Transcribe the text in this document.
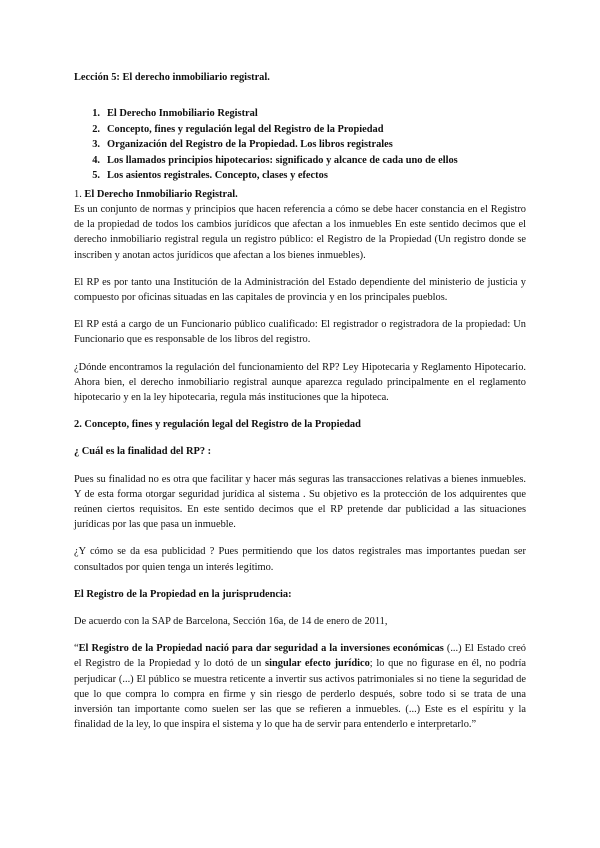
Lección 5: El derecho inmobiliario registral.
1. El Derecho Inmobiliario Registral
2. Concepto, fines y regulación legal del Registro de la Propiedad
3. Organización del Registro de la Propiedad. Los libros registrales
4. Los llamados principios hipotecarios: significado y alcance de cada uno de ellos
5. Los asientos registrales. Concepto, clases y efectos
1. El Derecho Inmobiliario Registral.

Es un conjunto de normas y principios que hacen referencia a cómo se debe hacer constancia en el Registro de la propiedad de todos los cambios jurídicos que afectan a los inmuebles En este sentido decimos que el derecho inmobiliario registral regula un registro público: el Registro de la Propiedad (Un registro donde se inscriben y anotan actos jurídicos que afectan a los bienes inmuebles).

El RP es por tanto una Institución de la Administración del Estado dependiente del ministerio de justicia y compuesto por oficinas situadas en las capitales de provincia y en los principales pueblos.

El RP está a cargo de un Funcionario público cualificado: El registrador o registradora de la propiedad: Un Funcionario que es responsable de los libros del registro.

¿Dónde encontramos la regulación del funcionamiento del RP? Ley Hipotecaria y Reglamento Hipotecario. Ahora bien, el derecho inmobiliario registral aunque aparezca regulado principalmente en el reglamento hipotecario y en la ley hipotecaria, regula más instituciones que la hipoteca.

2. Concepto, fines y regulación legal del Registro de la Propiedad
¿ Cuál es la finalidad del RP? :

Pues su finalidad no es otra que facilitar y hacer más seguras las transacciones relativas a bienes inmuebles. Y de esta forma otorgar seguridad jurídica al sistema . Su objetivo es la protección de los adquirentes que reúnen ciertos requisitos. En este sentido decimos que el RP pretende dar publicidad a las situaciones jurídicas por las que pasa un inmueble.

¿Y cómo se da esa publicidad ? Pues permitiendo que los datos registrales mas importantes puedan ser consultados por quien tenga un interés legítimo.

El Registro de la Propiedad en la jurisprudencia:

De acuerdo con la SAP de Barcelona, Sección 16a, de 14 de enero de 2011,

“El Registro de la Propiedad nació para dar seguridad a la inversiones económicas (...) El Estado creó el Registro de la Propiedad y lo dotó de un singular efecto jurídico; lo que no figurase en él, no podría perjudicar (...) El público se muestra reticente a invertir sus activos patrimoniales si no tiene la seguridad de que lo que compra lo compra en firme y sin riesgo de perderlo después, sobre todo si se trata de una inversión tan importante como suelen ser las que se refieren a inmuebles. (...) Este es el espíritu y la finalidad de la ley, lo que inspira el sistema y lo que ha de servir para entenderlo e interpretarlo.”
